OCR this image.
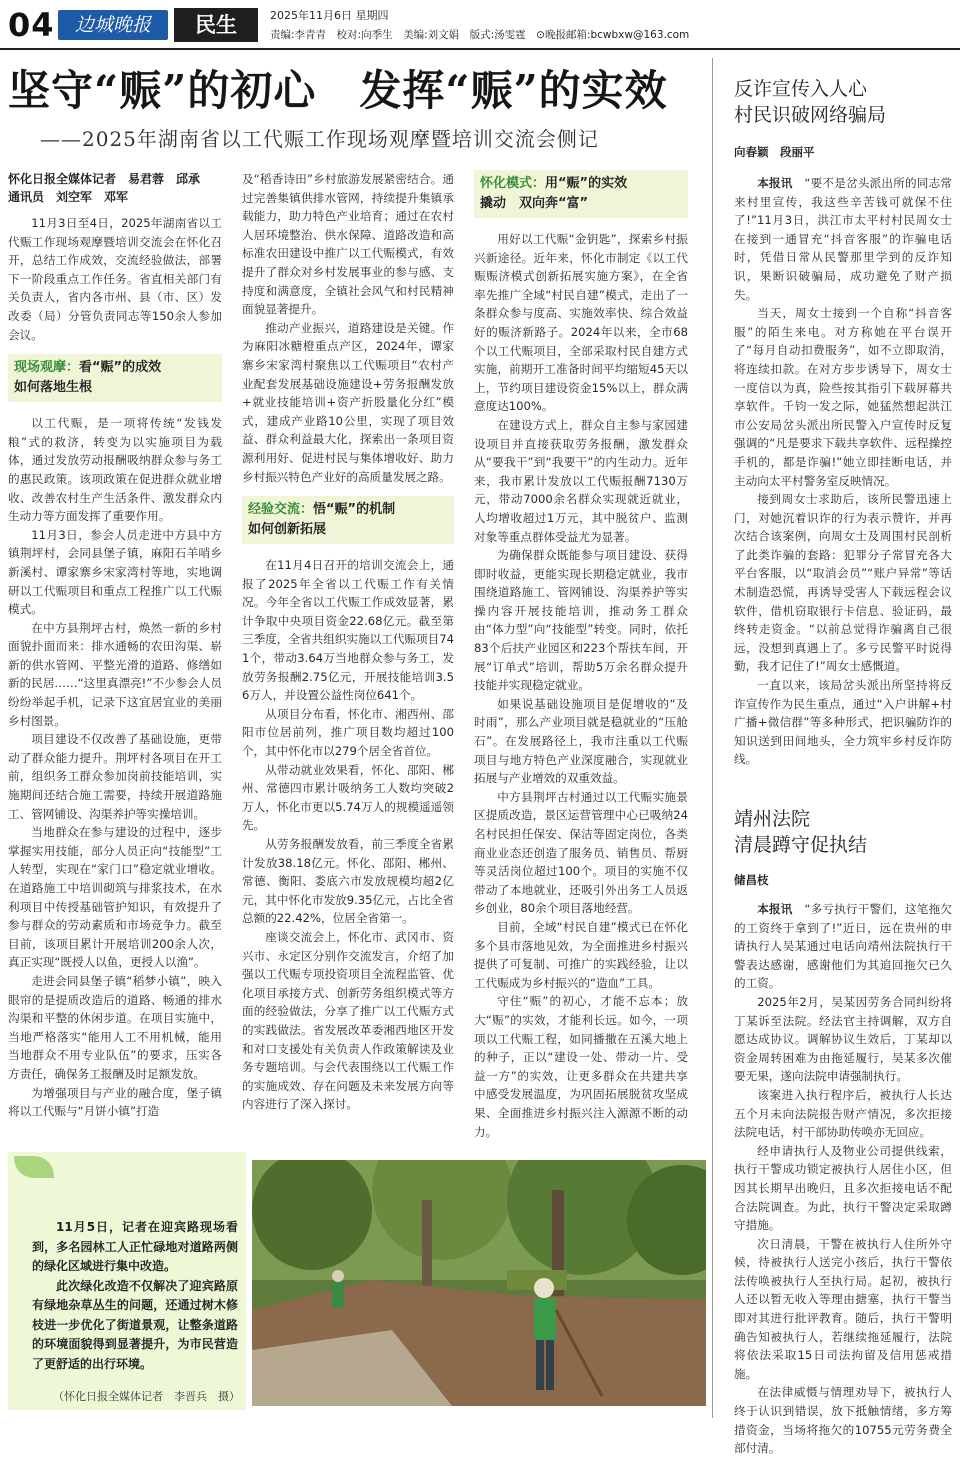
04	边城晚报	民生	2025年11月6日 星期四
责编:李青青　校对:向季生　美编:刘文娟　版式:汤雯霆　⊙晚报邮箱:bcwbxw@163.com
坚守“赈”的初心　发挥“赈”的实效
——2025年湖南省以工代赈工作现场观摩暨培训交流会侧记
怀化日报全媒体记者　易君蓉　邱承
通讯员　刘空军　邓军

11月3日至4日，2025年湖南省以工代赈工作现场观摩暨培训交流会在怀化召开，总结工作成效，交流经验做法，部署下一阶段重点工作任务。省直相关部门有关负责人，省内各市州、县（市、区）发改委（局）分管负责同志等150余人参加会议。

现场观摩：看“赈”的成效
如何落地生根

以工代赈，是一项将传统“发钱发粮”式的救济，转变为以实施项目为载体，通过发放劳动报酬吸纳群众参与务工的惠民政策。该项政策在促进群众就业增收、改善农村生产生活条件、激发群众内生动力等方面发挥了重要作用。

11月3日，参会人员走进中方县中方镇荆坪村，会同县堡子镇，麻阳石羊哨乡新溪村、谭家寨乡宋家湾村等地，实地调研以工代赈项目和重点工程推广以工代赈模式。

在中方县荆坪古村，焕然一新的乡村面貌扑面而来：排水通畅的农田沟渠、崭新的供水管网、平整光滑的道路、修缮如新的民居……“这里真漂亮!”不少参会人员纷纷举起手机，记录下这宜居宜业的美丽乡村图景。

项目建设不仅改善了基础设施，更带动了群众能力提升。荆坪村各项目在开工前，组织务工群众参加岗前技能培训，实施期间还结合施工需要，持续开展道路施工、管网铺设、沟渠养护等实操培训。

当地群众在参与建设的过程中，逐步掌握实用技能，部分人员正向“技能型”工人转型，实现在“家门口”稳定就业增收。在道路施工中培训砌筑与排浆技术，在水利项目中传授基础管护知识，有效提升了参与群众的劳动素质和市场竞争力。截至目前，该项目累计开展培训200余人次，真正实现“既授人以鱼，更授人以渔”。

走进会同县堡子镇“稻梦小镇”，映入眼帘的是提质改造后的道路、畅通的排水沟渠和平整的休闲步道。在项目实施中，当地严格落实“能用人工不用机械，能用当地群众不用专业队伍”的要求，压实各方责任，确保务工报酬及时足额发放。

为增强项目与产业的融合度，堡子镇将以工代赈与“月饼小镇”打造

及“稻香诗田”乡村旅游发展紧密结合。通过完善集镇供排水管网，持续提升集镇承载能力，助力特色产业培育；通过在农村人居环境整治、供水保障、道路改造和高标准农田建设中推广以工代赈模式，有效提升了群众对乡村发展事业的参与感、支持度和满意度，全镇社会风气和村民精神面貌显著提升。

推动产业振兴，道路建设是关键。作为麻阳冰糖橙重点产区，2024年，谭家寨乡宋家湾村聚焦以工代赈项目“农村产业配套发展基础设施建设+劳务报酬发放+就业技能培训+资产折股量化分红”模式，建成产业路10公里，实现了项目效益、群众利益最大化，探索出一条项目资源利用好、促进村民与集体增收好、助力乡村振兴特色产业好的高质量发展之路。

经验交流：悟“赈”的机制
如何创新拓展

在11月4日召开的培训交流会上，通报了2025年全省以工代赈工作有关情况。今年全省以工代赈工作成效显著，累计争取中央项目资金22.68亿元。截至第三季度，全省共组织实施以工代赈项目741个，带动3.64万当地群众参与务工，发放劳务报酬2.75亿元，开展技能培训3.56万人，并设置公益性岗位641个。

从项目分布看，怀化市、湘西州、邵阳市位居前列，推广项目数均超过100个，其中怀化市以279个居全省首位。

从带动就业效果看，怀化、邵阳、郴州、常德四市累计吸纳务工人数均突破2万人，怀化市更以5.74万人的规模遥遥领先。

从劳务报酬发放看，前三季度全省累计发放38.18亿元。怀化、邵阳、郴州、常德、衡阳、娄底六市发放规模均超2亿元，其中怀化市发放9.35亿元，占比全省总额的22.42%，位居全省第一。

座谈交流会上，怀化市、武冈市、资兴市、永定区分别作交流发言，介绍了加强以工代赈专项投资项目全流程监管、优化项目承接方式、创新劳务组织模式等方面的经验做法，分享了推广以工代赈方式的实践做法。省发展改革委湘西地区开发和对口支援处有关负责人作政策解读及业务专题培训。与会代表围绕以工代赈工作的实施成效、存在问题及未来发展方向等内容进行了深入探讨。

怀化模式：用“赈”的实效
撬动　双向奔“富”

用好以工代赈“金钥匙”，探索乡村振兴新途径。近年来，怀化市制定《以工代赈赈济模式创新拓展实施方案》，在全省率先推广全域“村民自建”模式，走出了一条群众参与度高、实施效率快、综合效益好的赈济新路子。2024年以来，全市68个以工代赈项目，全部采取村民自建方式实施，前期开工准备时间平均缩短45天以上，节约项目建设资金15%以上，群众满意度达100%。

在建设方式上，群众自主参与家园建设项目并直接获取劳务报酬，激发群众从“要我干”到“我要干”的内生动力。近年来，我市累计发放以工代赈报酬7130万元，带动7000余名群众实现就近就业，人均增收超过1万元，其中脱贫户、监测对象等重点群体受益尤为显著。

为确保群众既能参与项目建设、获得即时收益，更能实现长期稳定就业，我市围绕道路施工、管网铺设、沟渠养护等实操内容开展技能培训，推动务工群众由“体力型”向“技能型”转变。同时，依托83个后扶产业园区和223个帮扶车间，开展“订单式”培训，帮助5万余名群众提升技能并实现稳定就业。

如果说基础设施项目是促增收的“及时雨”，那么产业项目就是稳就业的“压舱石”。在发展路径上，我市注重以工代赈项目与地方特色产业深度融合，实现就业拓展与产业增效的双重效益。

中方县荆坪古村通过以工代赈实施景区提质改造，景区运营管理中心已吸纳24名村民担任保安、保洁等固定岗位，各类商业业态还创造了服务员、销售员、帮厨等灵活岗位超过100个。项目的实施不仅带动了本地就业，还吸引外出务工人员返乡创业，80余个项目落地经营。

目前，全域“村民自建”模式已在怀化多个县市落地见效，为全面推进乡村振兴提供了可复制、可推广的实践经验，让以工代赈成为乡村振兴的“造血”工具。

守住“赈”的初心，才能不忘本；放大“赈”的实效，才能利长远。如今，一项项以工代赈工程，如同播撒在五溪大地上的种子，正以“建设一处、带动一片、受益一方”的实效，让更多群众在共建共享中感受发展温度，为巩固拓展脱贫攻坚成果、全面推进乡村振兴注入源源不断的动力。

11月5日，记者在迎宾路现场看到，多名园林工人正忙碌地对道路两侧的绿化区域进行集中改造。

此次绿化改造不仅解决了迎宾路原有绿地杂草丛生的问题，还通过树木修枝进一步优化了街道景观，让整条道路的环境面貌得到显著提升，为市民营造了更舒适的出行环境。

（怀化日报全媒体记者　李晋兵　摄）
反诈宣传入人心
村民识破网络骗局
向春颖　段丽平

本报讯　 “要不是岔头派出所的同志常来村里宣传，我这些辛苦钱可就保不住了!”11月3日，洪江市太平村村民周女士在接到一通冒充“抖音客服”的诈骗电话时，凭借日常从民警那里学到的反诈知识，果断识破骗局，成功避免了财产损失。

当天，周女士接到一个自称“抖音客服”的陌生来电。对方称她在平台误开了“每月自动扣费服务”，如不立即取消，将连续扣款。在对方步步诱导下，周女士一度信以为真，险些按其指引下载屏幕共享软件。千钧一发之际，她猛然想起洪江市公安局岔头派出所民警入户宣传时反复强调的“凡是要求下载共享软件、远程操控手机的，都是诈骗!”她立即挂断电话，并主动向太平村警务室反映情况。

接到周女士求助后，该所民警迅速上门，对她沉着识诈的行为表示赞许，并再次结合该案例，向周女士及周围村民剖析了此类诈骗的套路：犯罪分子常冒充各大平台客服，以“取消会员”“账户异常”等话术制造恐慌，再诱导受害人下载远程会议软件，借机窃取银行卡信息、验证码，最终转走资金。“以前总觉得诈骗离自己很远，没想到真遇上了。多亏民警平时说得勤，我才记住了!”周女士感慨道。

一直以来，该局岔头派出所坚持将反诈宣传作为民生重点，通过“入户讲解+村广播+微信群”等多种形式，把识骗防诈的知识送到田间地头，全力筑牢乡村反诈防线。

靖州法院
清晨蹲守促执结
储昌枝

本报讯　 “多亏执行干警们，这笔拖欠的工资终于拿到了!”近日，远在贵州的申请执行人吴某通过电话向靖州法院执行干警表达感谢，感谢他们为其追回拖欠已久的工资。

2025年2月，吴某因劳务合同纠纷将丁某诉至法院。经法官主持调解，双方自愿达成协议。调解协议生效后，丁某却以资金周转困难为由拖延履行，吴某多次催要无果，遂向法院申请强制执行。

该案进入执行程序后，被执行人长达五个月未向法院报告财产情况，多次拒接法院电话，村干部协助传唤亦无回应。

经申请执行人及物业公司提供线索，执行干警成功锁定被执行人居住小区，但因其长期早出晚归，且多次拒接电话不配合法院调查。为此，执行干警决定采取蹲守措施。

次日清晨，干警在被执行人住所外守候，待被执行人送完小孩后，执行干警依法传唤被执行人至执行局。起初，被执行人还以暂无收入等理由搪塞，执行干警当即对其进行批评教育。随后，执行干警明确告知被执行人，若继续拖延履行，法院将依法采取15日司法拘留及信用惩戒措施。

在法律威慑与情理劝导下，被执行人终于认识到错误，放下抵触情绪，多方筹措资金，当场将拖欠的10755元劳务费全部付清。
